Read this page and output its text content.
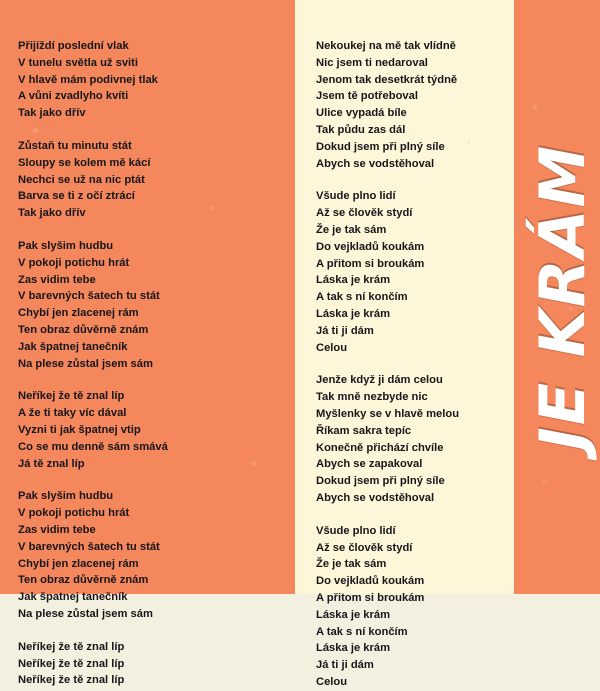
JE KRÁM
Přijíždí poslední vlak
V tunelu světla už sviti
V hlavě mám podivnej tlak
A vůni zvadlyho kvíti
Tak jako dřív
Zůstaň tu minutu stát
Sloupy se kolem mě kácí
Nechci se už na nic ptát
Barva se ti z očí ztrácí
Tak jako dřív
Pak slyšim hudbu
V pokoji potichu hrát
Zas vidim tebe
V barevných šatech tu stát
Chybí jen zlacenej rám
Ten obraz důvěrně znám
Jak špatnej tanečník
Na plese zůstal jsem sám
Neříkej že tě znal líp
A že ti taky víc dával
Vyzni ti jak špatnej vtip
Co se mu denně sám smává
Já tě znal líp
Pak slyšim hudbu
V pokoji potichu hrát
Zas vidim tebe
V barevných šatech tu stát
Chybí jen zlacenej rám
Ten obraz důvěrně znám
Jak špatnej tanečník
Na plese zůstal jsem sám
Neříkej že tě znal líp
Neříkej že tě znal líp
Neříkej že tě znal líp
Nekoukej na mě tak vlídně
Nic jsem ti nedaroval
Jenom tak desetkrát týdně
Jsem tě potřeboval
Ulice vypadá bíle
Tak půdu zas dál
Dokud jsem při plný síle
Abych se vodstěhoval
Všude plno lidí
Až se člověk stydí
Že je tak sám
Do vejkladů koukám
A přitom si broukám
Láska je krám
A tak s ní končím
Láska je krám
Já ti ji dám
Celou
Jenže když ji dám celou
Tak mně nezbyde nic
Myšlenky se v hlavě melou
Říkam sakra tepíc
Konečně přichází chvíle
Abych se zapakoval
Dokud jsem při plný síle
Abych se vodstěhoval
Všude plno lidí
Až se člověk stydí
Že je tak sám
Do vejkladů koukám
A přitom si broukám
Láska je krám
A tak s ní končím
Láska je krám
Já ti ji dám
Celou
